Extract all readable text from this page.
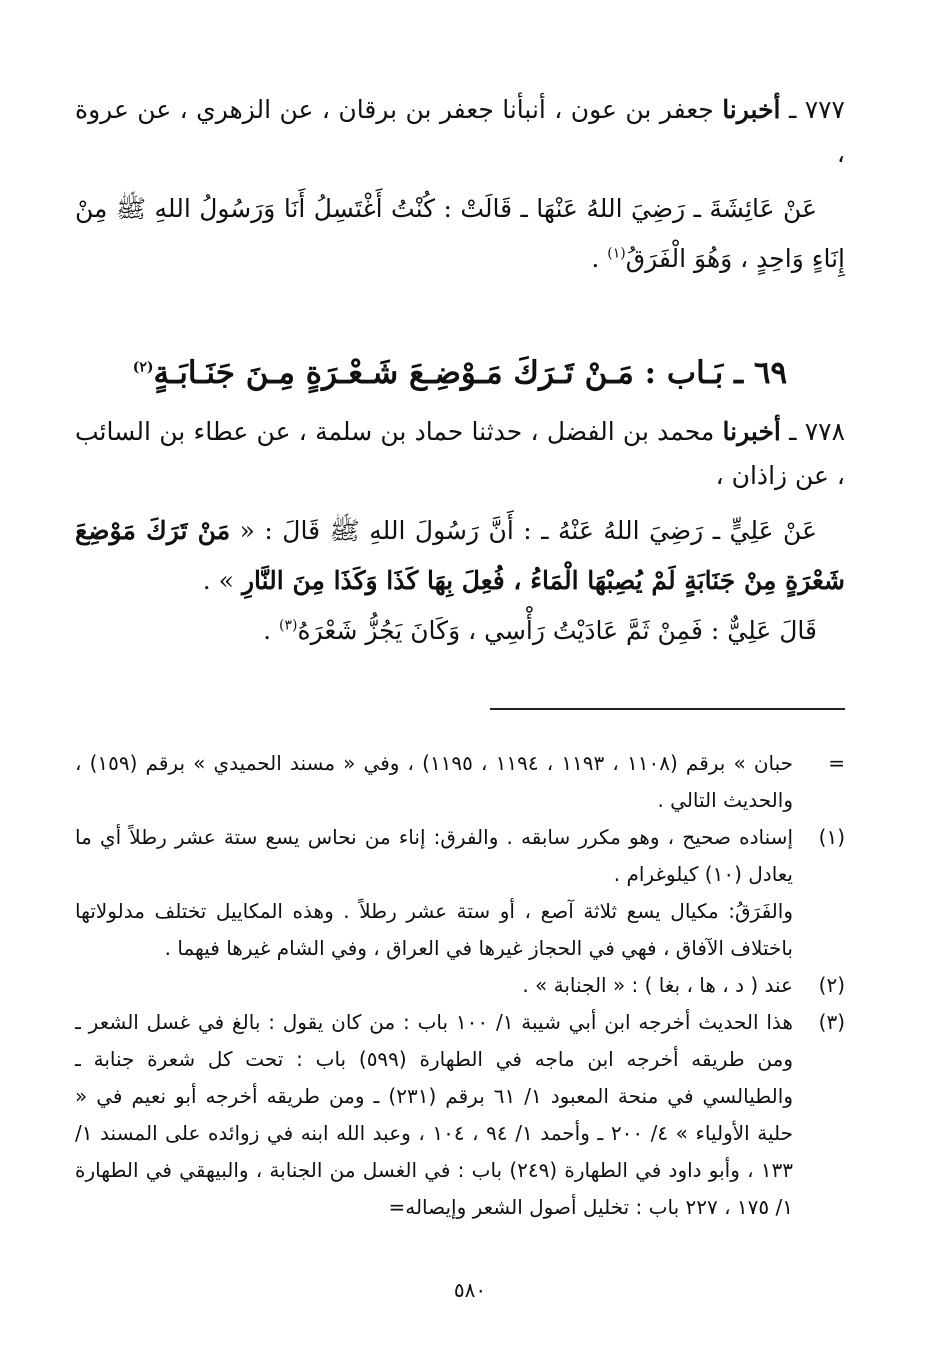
٧٧٧ ـ أخبرنا جعفر بن عون ، أنبأنا جعفر بن برقان ، عن الزهري ، عن عروة ،

عَنْ عَائِشَةَ ـ رَضِيَ اللهُ عَنْهَا ـ قَالَتْ : كُنْتُ أَغْتَسِلُ أَنَا وَرَسُولُ اللهِ ﷺ مِنْ إِنَاءٍ وَاحِدٍ ، وَهُوَ الْفَرَقُ$^{(١)}$ .

٦٩ ـ بَـاب : مَـنْ تَـرَكَ مَـوْضِـعَ شَـعْـرَةٍ مِـنَ جَنَـابَـةٍ$^{(٢)}$

٧٧٨ ـ أخبرنا محمد بن الفضل ، حدثنا حماد بن سلمة ، عن عطاء بن السائب ، عن زاذان ،

عَنْ عَلِيٍّ ـ رَضِيَ اللهُ عَنْهُ ـ : أَنَّ رَسُولَ اللهِ ﷺ قَالَ : « مَنْ تَرَكَ مَوْضِعَ شَعْرَةٍ مِنْ جَنَابَةٍ لَمْ يُصِبْهَا الْمَاءُ ، فُعِلَ بِهَا كَذَا وَكَذَا مِنَ النَّارِ » .

قَالَ عَلِيٌّ : فَمِنْ ثَمَّ عَادَيْتُ رَأْسِي ، وَكَانَ يَجُزُّ شَعْرَهُ$^{(٣)}$ .

=
حبان » برقم (١١٠٨ ، ١١٩٣ ، ١١٩٤ ، ١١٩٥) ، وفي « مسند الحميدي » برقم (١٥٩) ، والحديث التالي .
(١)
إسناده صحيح ، وهو مكرر سابقه . والفرق: إناء من نحاس يسع ستة عشر رطلاً أي ما يعادل (١٠) كيلوغرام .
والفَرَقُ: مكيال يسع ثلاثة آصع ، أو ستة عشر رطلاً . وهذه المكاييل تختلف مدلولاتها باختلاف الآفاق ، فهي في الحجاز غيرها في العراق ، وفي الشام غيرها فيهما .
(٢)
عند ( د ، ها ، بغا ) : « الجنابة » .
(٣)
هذا الحديث أخرجه ابن أبي شيبة ١/ ١٠٠ باب : من كان يقول : بالغ في غسل الشعر ـ ومن طريقه أخرجه ابن ماجه في الطهارة (٥٩٩) باب : تحت كل شعرة جنابة ـ والطيالسي في منحة المعبود ١/ ٦١ برقم (٢٣١) ـ ومن طريقه أخرجه أبو نعيم في « حلية الأولياء » ٤/ ٢٠٠ ـ وأحمد ١/ ٩٤ ، ١٠٤ ، وعبد الله ابنه في زوائده على المسند ١/ ١٣٣ ، وأبو داود في الطهارة (٢٤٩) باب : في الغسل من الجنابة ، والبيهقي في الطهارة ١/ ١٧٥ ، ٢٢٧ باب : تخليل أصول الشعر وإيصاله=
٥٨٠
